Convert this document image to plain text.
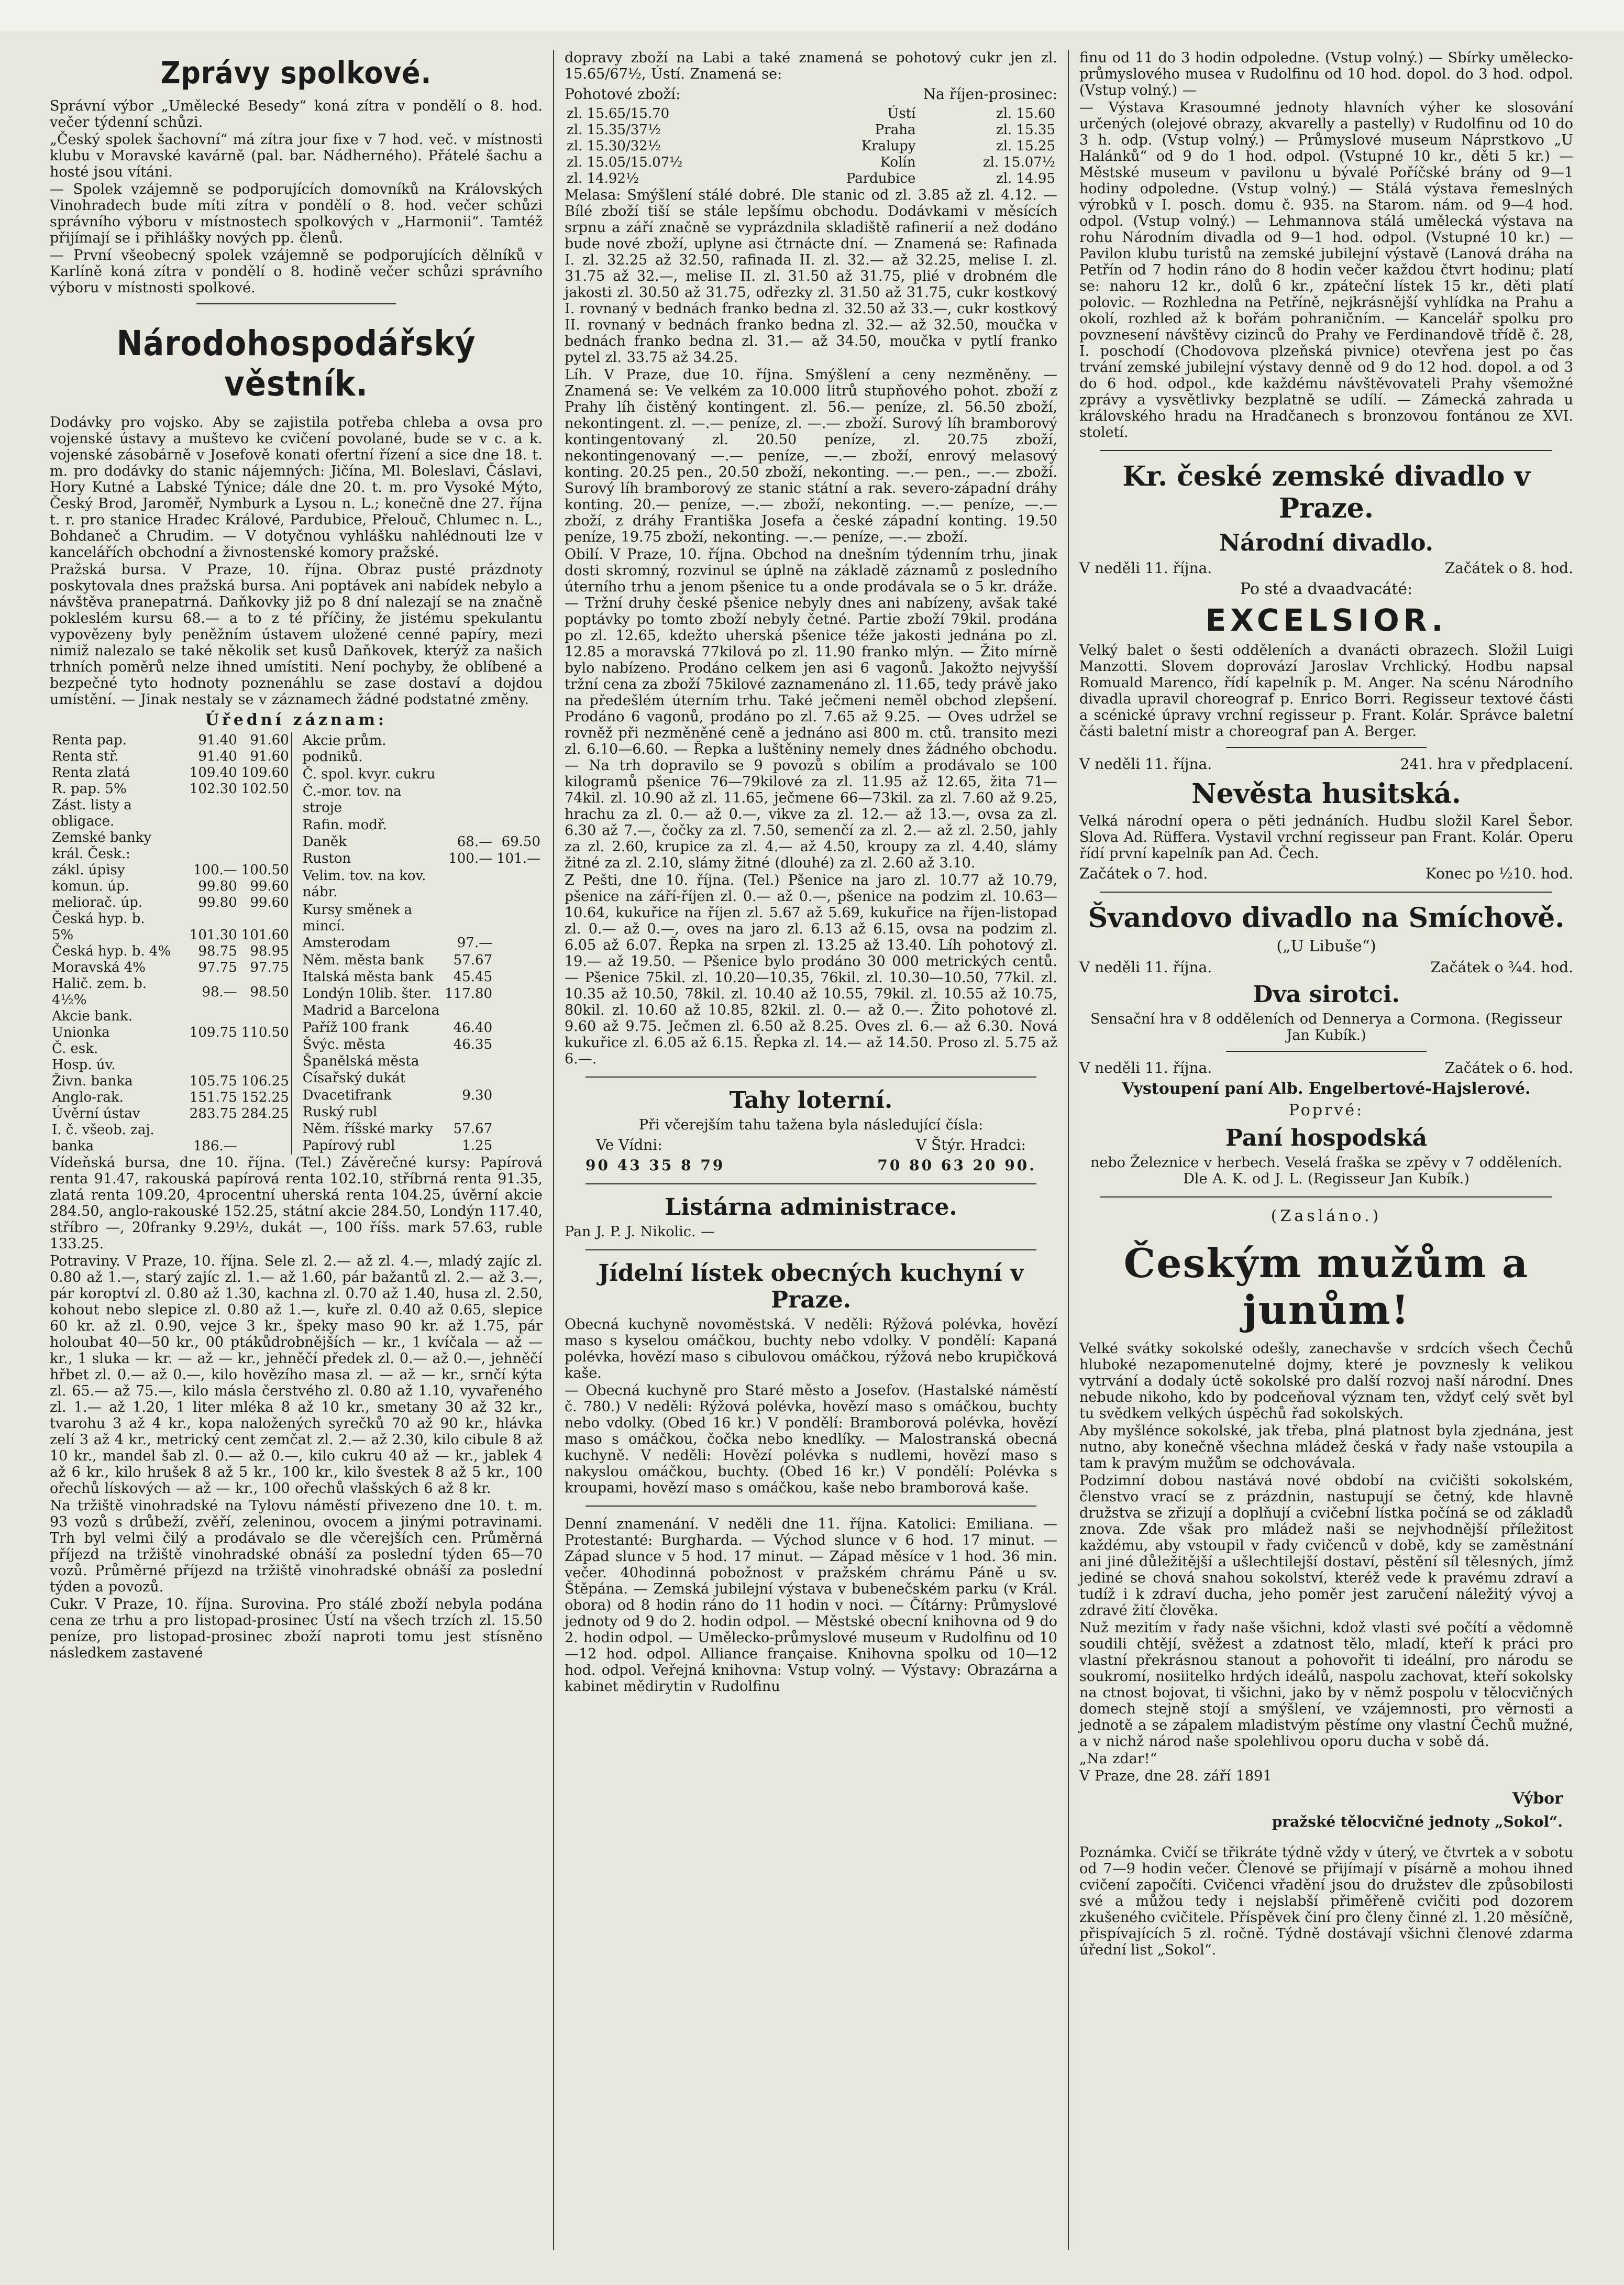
Zprávy spolkové.

Správní výbor „Umělecké Besedy“ koná zítra v pondělí o 8. hod. večer týdenní schůzi.

„Český spolek šachovní“ má zítra jour fixe v 7 hod. več. v místnosti klubu v Moravské kavárně (pal. bar. Nádherného). Přátelé šachu a hosté jsou vítáni.

— Spolek vzájemně se podporujících domovníků na Královských Vinohradech bude míti zítra v pondělí o 8. hod. večer schůzi správního výboru v místnostech spolkových v „Harmonii“. Tamtéž přijímají se i přihlášky nových pp. členů.

— První všeobecný spolek vzájemně se podporujících dělníků v Karlíně koná zítra v pondělí o 8. hodině večer schůzi správního výboru v místnosti spolkové.

Národohospodářský věstník.

Dodávky pro vojsko. Aby se zajistila potřeba chleba a ovsa pro vojenské ústavy a muštevo ke cvičení povolané, bude se v c. a k. vojenské zásobárně v Josefově konati ofertní řízení a sice dne 18. t. m. pro dodávky do stanic nájemných: Jičína, Ml. Boleslavi, Čáslavi, Hory Kutné a Labské Týnice; dále dne 20. t. m. pro Vysoké Mýto, Český Brod, Jaroměř, Nymburk a Lysou n. L.; konečně dne 27. října t. r. pro stanice Hradec Králové, Pardubice, Přelouč, Chlumec n. L., Bohdaneč a Chrudim. — V dotyčnou vyhlášku nahlédnouti lze v kancelářích obchodní a živnostenské komory pražské.

Pražská bursa. V Praze, 10. října. Obraz pusté prázdnoty poskytovala dnes pražská bursa. Ani poptávek ani nabídek nebylo a návštěva pranepatrná. Daňkovky již po 8 dní nalezají se na značně pokleslém kursu 68.— a to z té příčiny, že jistému spekulantu vypovězeny byly peněžním ústavem uložené cenné papíry, mezi nimiž nalezalo se také několik set kusů Daňkovek, kterýž za našich trhních poměrů nelze ihned umístiti. Není pochyby, že oblíbené a bezpečné tyto hodnoty poznenáhlu se zase dostaví a dojdou umístění. — Jinak nestaly se v záznamech žádné podstatné změny.

Úřední záznam:
Renta pap.	91.40	91.60
Renta stř.	91.40	91.60
Renta zlatá	109.40	109.60
R. pap. 5%	102.30	102.50
Zást. listy a obligace.		
Zemské banky král. Česk.:		
zákl. úpisy	100.—	100.50
komun. úp.	99.80	99.60
meliorač. úp.	99.80	99.60
Česká hyp. b.		
5%	101.30	101.60
Česká hyp. b. 4%	98.75	98.95
Moravská 4%	97.75	97.75
Halič. zem. b. 4½%	98.—	98.50
Akcie bank.		
Unionka	109.75	110.50
Č. esk.		
Hosp. úv.		
Živn. banka	105.75	106.25
Anglo-rak.	151.75	152.25
Úvěrní ústav	283.75	284.25
I. č. všeob. zaj.		
banka	186.—	
Akcie prům. podniků.		
Č. spol. kvyr. cukru		
Č.-mor. tov. na stroje		
Rafin. modř.		
Daněk	68.—	69.50
Ruston	100.—	101.—
Velim. tov. na kov. nábr.		
Kursy směnek a mincí.		
Amsterodam	97.—	
Něm. města bank	57.67	
Italská města bank	45.45	
Londýn 10lib. šter.	117.80	
Madrid a Barcelona		
Paříž 100 frank	46.40	
Švýc. města	46.35	
Španělská města		
Císařský dukát		
Dvacetifrank	9.30	
Ruský rubl		
Něm. říšské marky	57.67	
Papírový rubl	1.25	

Vídeňská bursa, dne 10. října. (Tel.) Závěrečné kursy: Papírová renta 91.47, rakouská papírová renta 102.10, stříbrná renta 91.35, zlatá renta 109.20, 4procentní uherská renta 104.25, úvěrní akcie 284.50, anglo-rakouské 152.25, státní akcie 284.50, Londýn 117.40, stříbro —, 20franky 9.29½, dukát —, 100 říšs. mark 57.63, ruble 133.25.

Potraviny. V Praze, 10. října. Sele zl. 2.— až zl. 4.—, mladý zajíc zl. 0.80 až 1.—, starý zajíc zl. 1.— až 1.60, pár bažantů zl. 2.— až 3.—, pár koroptví zl. 0.80 až 1.30, kachna zl. 0.70 až 1.40, husa zl. 2.50, kohout nebo slepice zl. 0.80 až 1.—, kuře zl. 0.40 až 0.65, slepice 60 kr. až zl. 0.90, vejce 3 kr., špeky maso 90 kr. až 1.75, pár holoubat 40—50 kr., 00 ptákůdrobnějších — kr., 1 kvíčala — až — kr., 1 sluka — kr. — až — kr., jehněčí předek zl. 0.— až 0.—, jehněčí hřbet zl. 0.— až 0.—, kilo hovězího masa zl. — až — kr., srnčí kýta zl. 65.— až 75.—, kilo másla čerstvého zl. 0.80 až 1.10, vyvařeného zl. 1.— až 1.20, 1 liter mléka 8 až 10 kr., smetany 30 až 32 kr., tvarohu 3 až 4 kr., kopa naložených syrečků 70 až 90 kr., hlávka zelí 3 až 4 kr., metrický cent zemčat zl. 2.— až 2.30, kilo cibule 8 až 10 kr., mandel šab zl. 0.— až 0.—, kilo cukru 40 až — kr., jablek 4 až 6 kr., kilo hrušek 8 až 5 kr., 100 kr., kilo švestek 8 až 5 kr., 100 ořechů lískových — až — kr., 100 ořechů vlašských 6 až 8 kr.

Na tržiště vinohradské na Tylovu náměstí přivezeno dne 10. t. m. 93 vozů s drůbeží, zvěří, zeleninou, ovocem a jinými potravinami. Trh byl velmi čilý a prodávalo se dle včerejších cen. Průměrná příjezd na tržiště vinohradské obnáší za poslední týden 65—70 vozů. Průměrné příjezd na tržiště vinohradské obnáší za poslední týden a povozů.

Cukr. V Praze, 10. října. Surovina. Pro stálé zboží nebyla podána cena ze trhu a pro listopad-prosinec Ústí na všech trzích zl. 15.50 peníze, pro listopad-prosinec zboží naproti tomu jest stísněno následkem zastavené

dopravy zboží na Labi a také znamená se pohotový cukr jen zl. 15.65/67½, Ústí. Znamená se:

Pohotové zboží:	Na říjen-prosinec:
zl. 15.65/15.70	Ústí	zl. 15.60
zl. 15.35/37½	Praha	zl. 15.35
zl. 15.30/32½	Kralupy	zl. 15.25
zl. 15.05/15.07½	Kolín	zl. 15.07½
zl. 14.92½	Pardubice	zl. 14.95

Melasa: Smýšlení stálé dobré. Dle stanic od zl. 3.85 až zl. 4.12. — Bílé zboží tiší se stále lepšímu obchodu. Dodávkami v měsících srpnu a září značně se vyprázdnila skladiště rafinerií a než dodáno bude nové zboží, uplyne asi čtrnácte dní. — Znamená se: Rafinada I. zl. 32.25 až 32.50, rafinada II. zl. 32.— až 32.25, melise I. zl. 31.75 až 32.—, melise II. zl. 31.50 až 31.75, plié v drobném dle jakosti zl. 30.50 až 31.75, odřezky zl. 31.50 až 31.75, cukr kostkový I. rovnaný v bednách franko bedna zl. 32.50 až 33.—, cukr kostkový II. rovnaný v bednách franko bedna zl. 32.— až 32.50, moučka v bednách franko bedna zl. 31.— až 34.50, moučka v pytlí franko pytel zl. 33.75 až 34.25.

Líh. V Praze, due 10. října. Smýšlení a ceny nezměněny. — Znamená se: Ve velkém za 10.000 litrů stupňového pohot. zboží z Prahy líh čistěný kontingent. zl. 56.— peníze, zl. 56.50 zboží, nekontingent. zl. —.— peníze, zl. —.— zboží. Surový líh bramborový kontingentovaný zl. 20.50 peníze, zl. 20.75 zboží, nekontingenovaný —.— peníze, —.— zboží, enrový melasový konting. 20.25 pen., 20.50 zboží, nekonting. —.— pen., —.— zboží. Surový líh bramborový ze stanic státní a rak. severo-západní dráhy konting. 20.— peníze, —.— zboží, nekonting. —.— peníze, —.— zboží, z dráhy Františka Josefa a české západní konting. 19.50 peníze, 19.75 zboží, nekonting. —.— peníze, —.— zboží.

Obilí. V Praze, 10. října. Obchod na dnešním týdenním trhu, jinak dosti skromný, rozvinul se úplně na základě záznamů z posledního úterního trhu a jenom pšenice tu a onde prodávala se o 5 kr. dráže. — Tržní druhy české pšenice nebyly dnes ani nabízeny, avšak také poptávky po tomto zboží nebyly četné. Partie zboží 79kil. prodána po zl. 12.65, kdežto uherská pšenice téže jakosti jednána po zl. 12.85 a moravská 77kilová po zl. 11.90 franko mlýn. — Žito mírně bylo nabízeno. Prodáno celkem jen asi 6 vagonů. Jakožto nejvyšší tržní cena za zboží 75kilové zaznamenáno zl. 11.65, tedy právě jako na předešlém úterním trhu. Také ječmeni neměl obchod zlepšení. Prodáno 6 vagonů, prodáno po zl. 7.65 až 9.25. — Oves udržel se rovněž při nezměněné ceně a jednáno asi 800 m. ctů. transito mezi zl. 6.10—6.60. — Řepka a luštěniny nemely dnes žádného obchodu. — Na trh dopravilo se 9 povozů s obilím a prodávalo se 100 kilogramů pšenice 76—79kilové za zl. 11.95 až 12.65, žita 71—74kil. zl. 10.90 až zl. 11.65, ječmene 66—73kil. za zl. 7.60 až 9.25, hrachu za zl. 0.— až 0.—, vikve za zl. 12.— až 13.—, ovsa za zl. 6.30 až 7.—, čočky za zl. 7.50, semenčí za zl. 2.— až zl. 2.50, jahly za zl. 2.60, krupice za zl. 4.— až 4.50, kroupy za zl. 4.40, slámy žitné za zl. 2.10, slámy žitné (dlouhé) za zl. 2.60 až 3.10.

Z Pešti, dne 10. října. (Tel.) Pšenice na jaro zl. 10.77 až 10.79, pšenice na září-říjen zl. 0.— až 0.—, pšenice na podzim zl. 10.63—10.64, kukuřice na říjen zl. 5.67 až 5.69, kukuřice na říjen-listopad zl. 0.— až 0.—, oves na jaro zl. 6.13 až 6.15, ovsa na podzim zl. 6.05 až 6.07. Řepka na srpen zl. 13.25 až 13.40. Líh pohotový zl. 19.— až 19.50. — Pšenice bylo prodáno 30 000 metrických centů. — Pšenice 75kil. zl. 10.20—10.35, 76kil. zl. 10.30—10.50, 77kil. zl. 10.35 až 10.50, 78kil. zl. 10.40 až 10.55, 79kil. zl. 10.55 až 10.75, 80kil. zl. 10.60 až 10.85, 82kil. zl. 0.— až 0.—. Žito pohotové zl. 9.60 až 9.75. Ječmen zl. 6.50 až 8.25. Oves zl. 6.— až 6.30. Nová kukuřice zl. 6.05 až 6.15. Řepka zl. 14.— až 14.50. Proso zl. 5.75 až 6.—.

Tahy loterní.

Při včerejším tahu tažena byla následující čísla:

Ve Vídni:	V Štýr. Hradci:
90 43 35 8 79	70 80 63 20 90.
Listárna administrace.

Pan J. P. J. Nikolic. —

Jídelní lístek obecných kuchyní v Praze.

Obecná kuchyně novoměstská. V neděli: Rýžová polévka, hovězí maso s kyselou omáčkou, buchty nebo vdolky. V pondělí: Kapaná polévka, hovězí maso s cibulovou omáčkou, rýžová nebo krupičková kaše.

— Obecná kuchyně pro Staré město a Josefov. (Hastalské náměstí č. 780.) V neděli: Rýžová polévka, hovězí maso s omáčkou, buchty nebo vdolky. (Obed 16 kr.) V pondělí: Bramborová polévka, hovězí maso s omáčkou, čočka nebo knedlíky. — Malostranská obecná kuchyně. V neděli: Hovězí polévka s nudlemi, hovězí maso s nakyslou omáčkou, buchty. (Obed 16 kr.) V pondělí: Polévka s kroupami, hovězí maso s omáčkou, kaše nebo bramborová kaše.

Denní znamenání. V neděli dne 11. října. Katolici: Emiliana. — Protestanté: Burgharda. — Východ slunce v 6 hod. 17 minut. — Západ slunce v 5 hod. 17 minut. — Západ měsíce v 1 hod. 36 min. večer. 40hodinná pobožnost v pražském chrámu Páně u sv. Štěpána. — Zemská jubilejní výstava v bubenečském parku (v Král. obora) od 8 hodin ráno do 11 hodin v noci. — Čítárny: Průmyslové jednoty od 9 do 2. hodin odpol. — Městské obecní knihovna od 9 do 2. hodin odpol. — Umělecko-průmyslové museum v Rudolfinu od 10—12 hod. odpol. Alliance française. Knihovna spolku od 10—12 hod. odpol. Veřejná knihovna: Vstup volný. — Výstavy: Obrazárna a kabinet mědirytin v Rudolfinu

finu od 11 do 3 hodin odpoledne. (Vstup volný.) — Sbírky umělecko-průmyslového musea v Rudolfinu od 10 hod. dopol. do 3 hod. odpol. (Vstup volný.) —

— Výstava Krasoumné jednoty hlavních výher ke slosování určených (olejové obrazy, akvarelly a pastelly) v Rudolfinu od 10 do 3 h. odp. (Vstup volný.) — Průmyslové museum Náprstkovo „U Halánků“ od 9 do 1 hod. odpol. (Vstupné 10 kr., děti 5 kr.) — Městské museum v pavilonu u bývalé Poříčské brány od 9—1 hodiny odpoledne. (Vstup volný.) — Stálá výstava řemeslných výrobků v I. posch. domu č. 935. na Starom. nám. od 9—4 hod. odpol. (Vstup volný.) — Lehmannova stálá umělecká výstava na rohu Národním divadla od 9—1 hod. odpol. (Vstupné 10 kr.) — Pavilon klubu turistů na zemské jubilejní výstavě (Lanová dráha na Petřín od 7 hodin ráno do 8 hodin večer každou čtvrt hodinu; platí se: nahoru 12 kr., dolů 6 kr., zpáteční lístek 15 kr., děti platí polovic. — Rozhledna na Petříně, nejkrásnější vyhlídka na Prahu a okolí, rozhled až k bořám pohraničním. — Kancelář spolku pro povznesení návštěvy cizinců do Prahy ve Ferdinandově třídě č. 28, I. poschodí (Chodovova plzeňská pivnice) otevřena jest po čas trvání zemské jubilejní výstavy denně od 9 do 12 hod. dopol. a od 3 do 6 hod. odpol., kde každému návštěvovateli Prahy všemožné zprávy a vysvětlivky bezplatně se udílí. — Zámecká zahrada u královského hradu na Hradčanech s bronzovou fontánou ze XVI. století.

Kr. české zemské divadlo v Praze.
Národní divadlo.
V neděli 11. října.	Začátek o 8. hod.
Po sté a dvaadvacáté:
EXCELSIOR.

Velký balet o šesti odděleních a dvanácti obrazech. Složil Luigi Manzotti. Slovem doprovází Jaroslav Vrchlický. Hodbu napsal Romuald Marenco, řídí kapelník p. M. Anger. Na scénu Národního divadla upravil choreograf p. Enrico Borri. Regisseur textové části a scénické úpravy vrchní regisseur p. Frant. Kolár. Správce baletní části baletní mistr a choreograf pan A. Berger.

V neděli 11. října.	241. hra v předplacení.
Nevěsta husitská.

Velká národní opera o pěti jednáních. Hudbu složil Karel Šebor. Slova Ad. Rüffera. Vystavil vrchní regisseur pan Frant. Kolár. Operu řídí první kapelník pan Ad. Čech.

Začátek o 7. hod.	Konec po ½10. hod.
Švandovo divadlo na Smíchově.
(„U Libuše“)
V neděli 11. října.	Začátek o ¾4. hod.
Dva sirotci.

Sensační hra v 8 odděleních od Dennerya a Cormona. (Regisseur Jan Kubík.)

V neděli 11. října.	Začátek o 6. hod.
Vystoupení paní Alb. Engelbertové-Hajslerové.
Poprvé:
Paní hospodská

nebo Železnice v herbech. Veselá fraška se zpěvy v 7 odděleních. Dle A. K. od J. L. (Regisseur Jan Kubík.)

(Zasláno.)
Českým mužům a junům!

Velké svátky sokolské odešly, zanechavše v srdcích všech Čechů hluboké nezapomenutelné dojmy, které je povznesly k velikou vytrvání a dodaly úctě sokolské pro další rozvoj naší národní. Dnes nebude nikoho, kdo by podceňoval význam ten, vždyť celý svět byl tu svědkem velkých úspěchů řad sokolských.

Aby myšlénce sokolské, jak třeba, plná platnost byla zjednána, jest nutno, aby konečně všechna mládež česká v řady naše vstoupila a tam k pravým mužům se odchovávala.

Podzimní dobou nastává nové období na cvičišti sokolském, členstvo vrací se z prázdnin, nastupují se četný, kde hlavně družstva se zřizují a doplňují a cvičební lístka počíná se od základů znova. Zde však pro mládež naši se nejvhodnější příležitost každému, aby vstoupil v řady cvičenců v době, kdy se zaměstnání ani jiné důležitější a ušlechtilejší dostaví, pěstění síl tělesných, jímž jediné se chová snahou sokolství, kteréž vede k pravému zdraví a tudíž i k zdraví ducha, jeho poměr jest zaručení náležitý vývoj a zdravé žití člověka.

Nuž mezitím v řady naše všichni, kdož vlasti své počítí a vědomně soudili chtějí, svěžest a zdatnost tělo, mladí, kteří k práci pro vlastní překrásnou stanout a pohovořit ti ideální, pro národu se soukromí, nosiitelko hrdých ideálů, naspolu zachovat, kteří sokolsky na ctnost bojovat, ti všichni, jako by v němž pospolu v tělocvičných domech stejně stojí a smýšlení, ve vzájemnosti, pro věrnosti a jednotě a se zápalem mladistvým pěstíme ony vlastní Čechů mužné, a v nichž národ naše spolehlivou oporu ducha v sobě dá.

„Na zdar!“

V Praze, dne 28. září 1891

Výbor
pražské tělocvičné jednoty „Sokol“.

Poznámka. Cvičí se třikráte týdně vždy v úterý, ve čtvrtek a v sobotu od 7—9 hodin večer. Členové se přijímají v písárně a mohou ihned cvičení započíti. Cvičenci vřadění jsou do družstev dle způsobilosti své a můžou tedy i nejslabší přiměřeně cvičiti pod dozorem zkušeného cvičitele. Příspěvek činí pro členy činné zl. 1.20 měsíčně, přispívajících 5 zl. ročně. Týdně dostávají všichni členové zdarma úřední list „Sokol“.
